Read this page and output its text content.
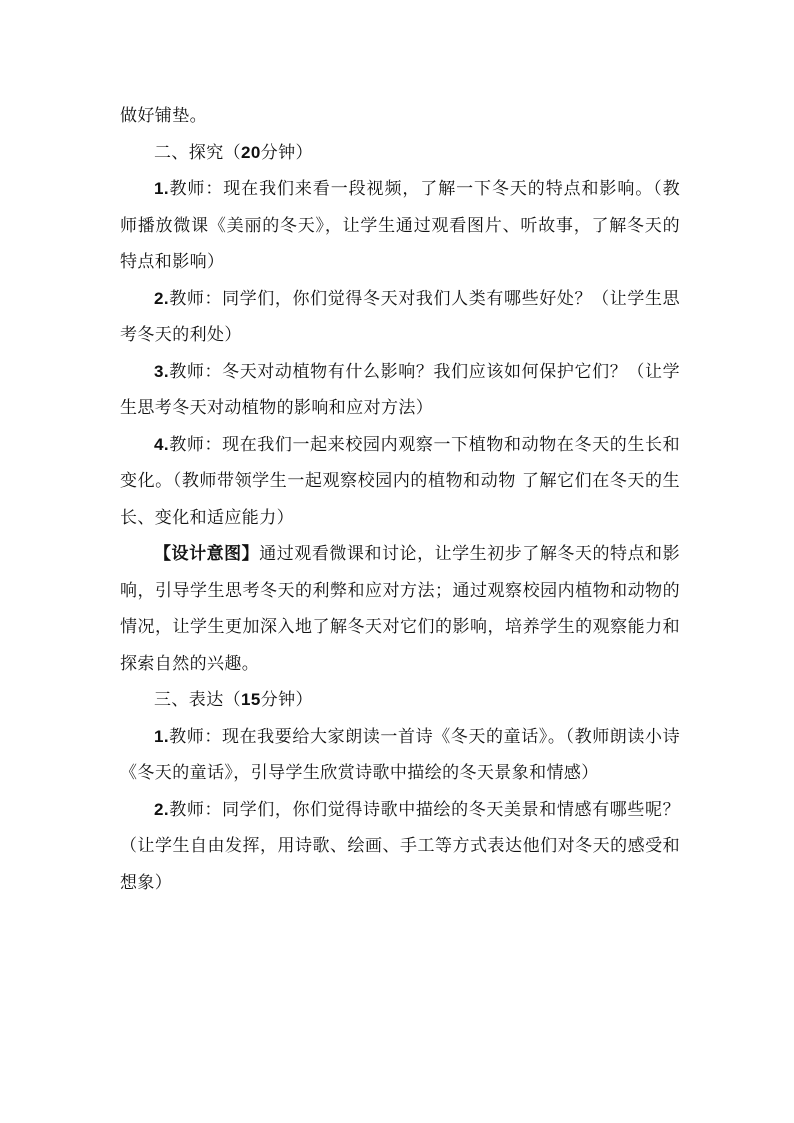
做好铺垫。

二、探究（20分钟）

1.教师：现在我们来看一段视频，了解一下冬天的特点和影响。（教师播放微课《美丽的冬天》，让学生通过观看图片、听故事，了解冬天的特点和影响）

2.教师：同学们，你们觉得冬天对我们人类有哪些好处？（让学生思考冬天的利处）

3.教师：冬天对动植物有什么影响？我们应该如何保护它们？（让学生思考冬天对动植物的影响和应对方法）

4.教师：现在我们一起来校园内观察一下植物和动物在冬天的生长和变化。（教师带领学生一起观察校园内的植物和动物 了解它们在冬天的生长、变化和适应能力）

【设计意图】通过观看微课和讨论，让学生初步了解冬天的特点和影响，引导学生思考冬天的利弊和应对方法；通过观察校园内植物和动物的情况，让学生更加深入地了解冬天对它们的影响，培养学生的观察能力和探索自然的兴趣。

三、表达（15分钟）

1.教师：现在我要给大家朗读一首诗《冬天的童话》。（教师朗读小诗《冬天的童话》，引导学生欣赏诗歌中描绘的冬天景象和情感）

2.教师：同学们，你们觉得诗歌中描绘的冬天美景和情感有哪些呢？（让学生自由发挥，用诗歌、绘画、手工等方式表达他们对冬天的感受和想象）
